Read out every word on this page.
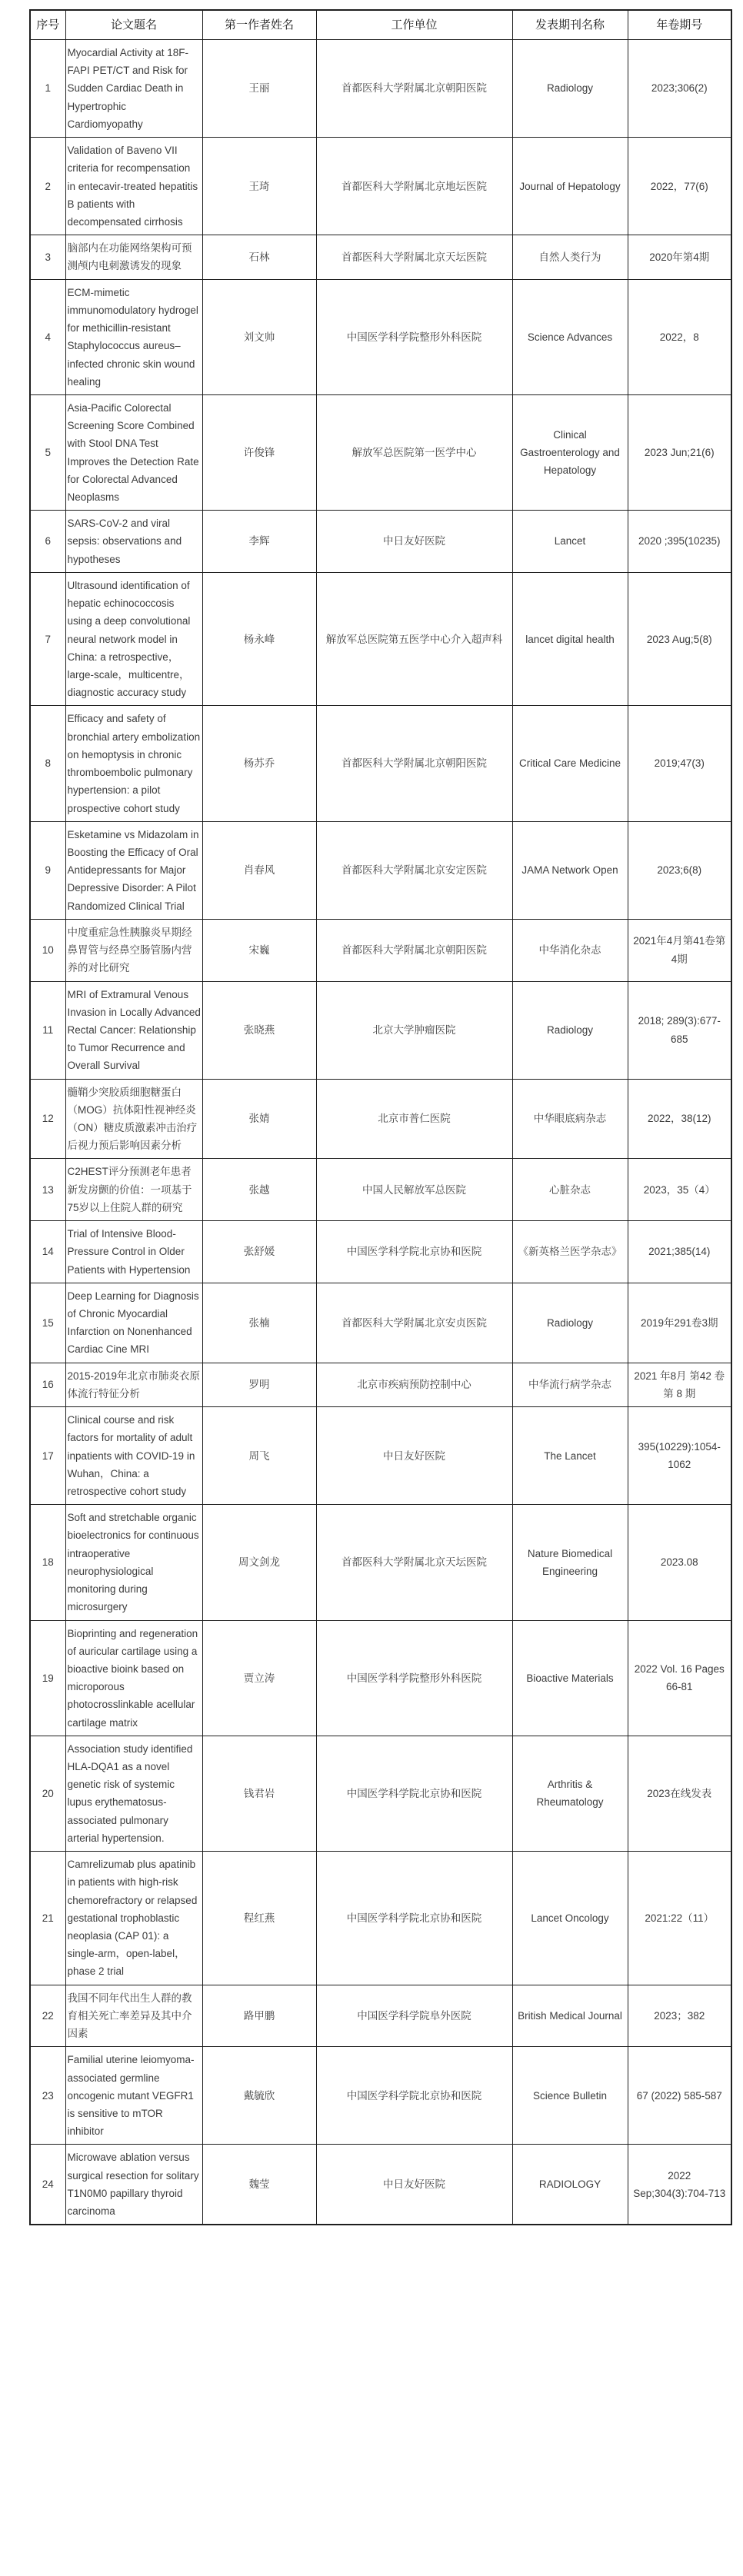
序号	论文题名	第一作者姓名	工作单位	发表期刊名称	年卷期号
1	Myocardial Activity at 18F-FAPI PET/CT and Risk for Sudden Cardiac Death in Hypertrophic Cardiomyopathy	王丽	首都医科大学附属北京朝阳医院	Radiology	2023;306(2)
2	Validation of Baveno VII criteria for recompensation in entecavir-treated hepatitis B patients with decompensated cirrhosis	王琦	首都医科大学附属北京地坛医院	Journal of Hepatology	2022，77(6)
3	脑部内在功能网络架构可预测颅内电刺激诱发的现象	石林	首都医科大学附属北京天坛医院	自然人类行为	2020年第4期
4	ECM-mimetic immunomodulatory hydrogel for methicillin-resistant Staphylococcus aureus–infected chronic skin wound healing	刘文帅	中国医学科学院整形外科医院	Science Advances	2022，8
5	Asia-Pacific Colorectal Screening Score Combined with Stool DNA Test Improves the Detection Rate for Colorectal Advanced Neoplasms	许俊锋	解放军总医院第一医学中心	Clinical Gastroenterology and Hepatology	2023 Jun;21(6)
6	SARS-CoV-2 and viral sepsis: observations and hypotheses	李辉	中日友好医院	Lancet	2020 ;395(10235)
7	Ultrasound identification of hepatic echinococcosis using a deep convolutional neural network model in China: a retrospective，large-scale，multicentre，diagnostic accuracy study	杨永峰	解放军总医院第五医学中心介入超声科	lancet digital health	2023 Aug;5(8)
8	Efficacy and safety of bronchial artery embolization on hemoptysis in chronic thromboembolic pulmonary hypertension: a pilot prospective cohort study	杨苏乔	首都医科大学附属北京朝阳医院	Critical Care Medicine	2019;47(3)
9	Esketamine vs Midazolam in Boosting the Efficacy of Oral Antidepressants for Major Depressive Disorder: A Pilot Randomized Clinical Trial	肖春风	首都医科大学附属北京安定医院	JAMA Network Open	2023;6(8)
10	中度重症急性胰腺炎早期经鼻胃管与经鼻空肠管肠内营养的对比研究	宋巍	首都医科大学附属北京朝阳医院	中华消化杂志	2021年4月第41卷第4期
11	MRI of Extramural Venous Invasion in Locally Advanced Rectal Cancer: Relationship to Tumor Recurrence and Overall Survival	张晓燕	北京大学肿瘤医院	Radiology	2018; 289(3):677-685
12	髓鞘少突胶质细胞糖蛋白（MOG）抗体阳性视神经炎（ON）糖皮质激素冲击治疗后视力预后影响因素分析	张婧	北京市普仁医院	中华眼底病杂志	2022，38(12)
13	C2HEST评分预测老年患者新发房颤的价值：一项基于75岁以上住院人群的研究	张越	中国人民解放军总医院	心脏杂志	2023，35（4）
14	Trial of Intensive Blood-Pressure Control in Older Patients with Hypertension	张舒媛	中国医学科学院北京协和医院	《新英格兰医学杂志》	2021;385(14)
15	Deep Learning for Diagnosis of Chronic Myocardial Infarction on Nonenhanced Cardiac Cine MRI	张楠	首都医科大学附属北京安贞医院	Radiology	2019年291卷3期
16	2015-2019年北京市肺炎衣原体流行特征分析	罗明	北京市疾病预防控制中心	中华流行病学杂志	2021 年8月 第42 卷第 8 期
17	Clinical course and risk factors for mortality of adult inpatients with COVID-19 in Wuhan，China: a retrospective cohort study	周飞	中日友好医院	The Lancet	395(10229):1054-1062
18	Soft and stretchable organic bioelectronics for continuous intraoperative neurophysiological monitoring during microsurgery	周文剑龙	首都医科大学附属北京天坛医院	Nature Biomedical Engineering	2023.08
19	Bioprinting and regeneration of auricular cartilage using a bioactive bioink based on microporous photocrosslinkable acellular cartilage matrix	贾立涛	中国医学科学院整形外科医院	Bioactive Materials	2022 Vol. 16 Pages 66-81
20	Association study identified HLA-DQA1 as a novel genetic risk of systemic lupus erythematosus-associated pulmonary arterial hypertension.	钱君岩	中国医学科学院北京协和医院	Arthritis & Rheumatology	2023在线发表
21	Camrelizumab plus apatinib in patients with high-risk chemorefractory or relapsed gestational trophoblastic neoplasia (CAP 01): a single-arm，open-label，phase 2 trial	程红燕	中国医学科学院北京协和医院	Lancet Oncology	2021:22（11）
22	我国不同年代出生人群的教育相关死亡率差异及其中介因素	路甲鹏	中国医学科学院阜外医院	British Medical Journal	2023；382
23	Familial uterine leiomyoma-associated germline oncogenic mutant VEGFR1 is sensitive to mTOR inhibitor	戴毓欣	中国医学科学院北京协和医院	Science Bulletin	67 (2022) 585-587
24	Microwave ablation versus surgical resection for solitary T1N0M0 papillary thyroid carcinoma	魏莹	中日友好医院	RADIOLOGY	2022 Sep;304(3):704-713
